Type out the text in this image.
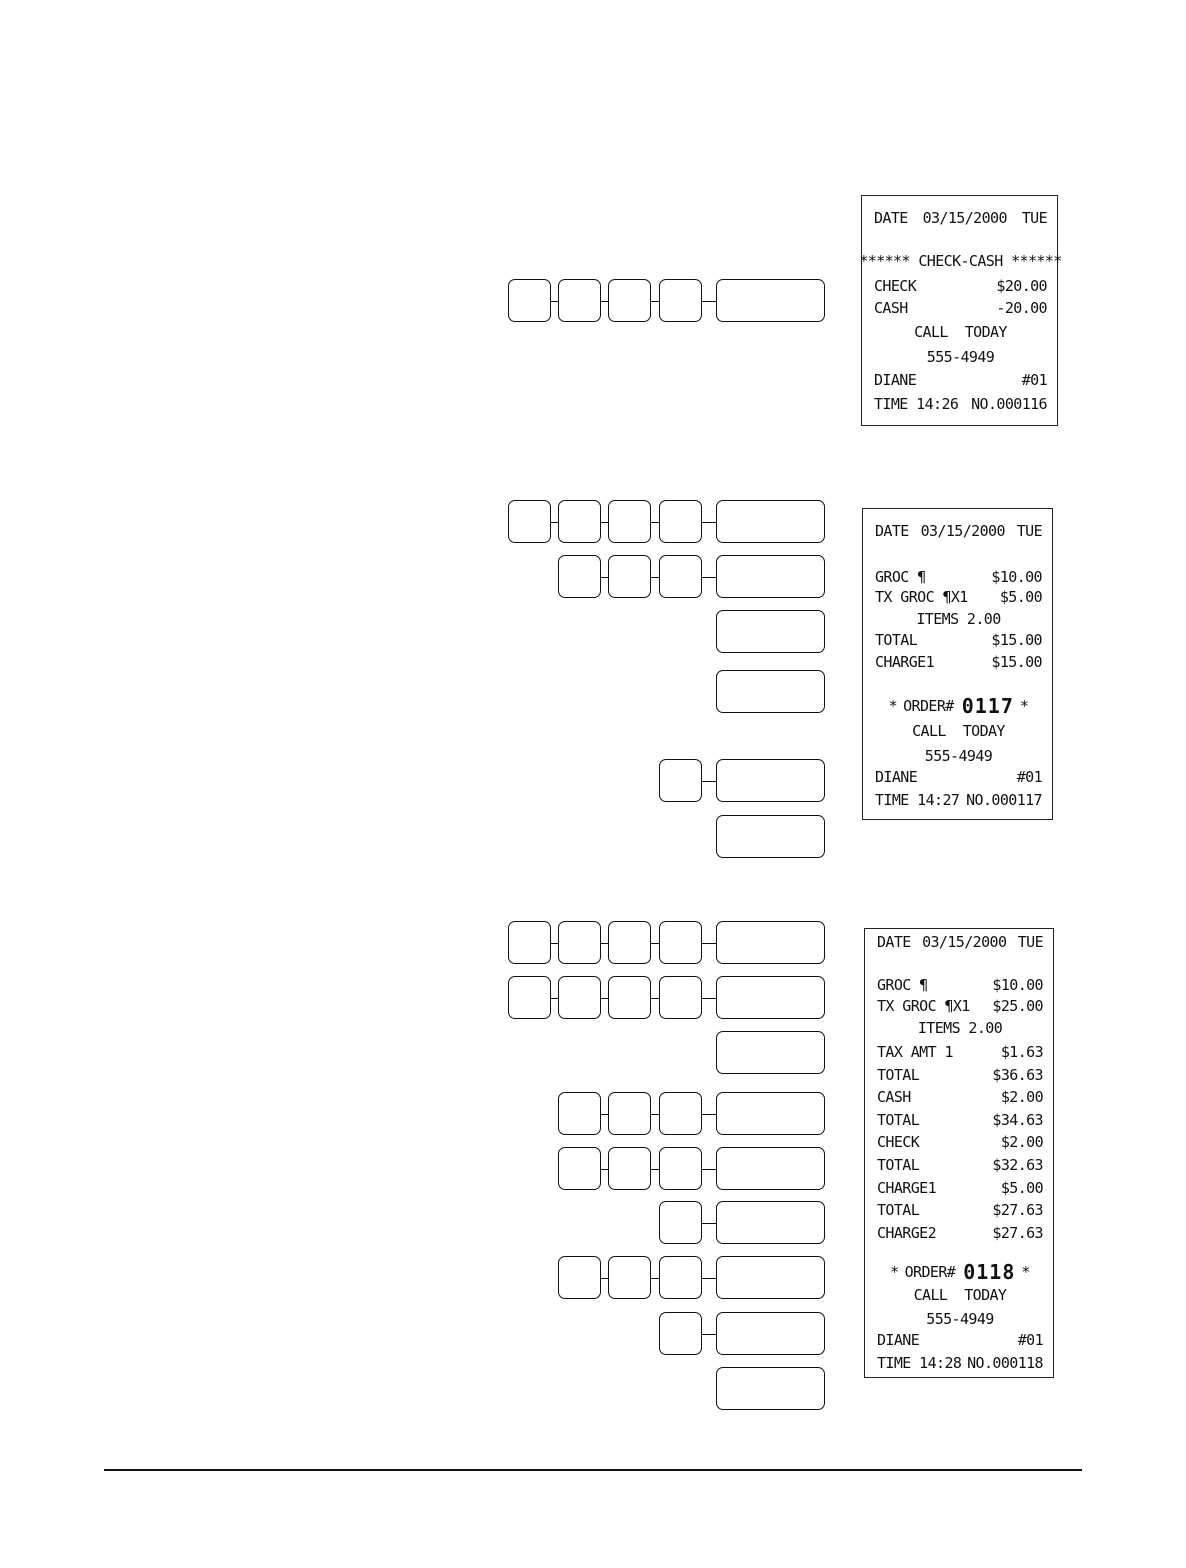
DATE 03/15/2000 TUE
****** CHECK-CASH ******
CHECK	$20.00
CASH	-20.00
CALL  TODAY
555-4949
DIANE	#01
TIME 14:26 NO.000116
DATE 03/15/2000 TUE
GROC ¶	$10.00
TX GROC ¶X1 $5.00
ITEMS 2.00
TOTAL	$15.00
CHARGE1	$15.00
* ORDER# 0117 *
CALL  TODAY
555-4949
DIANE	#01
TIME 14:27 NO.000117
DATE 03/15/2000 TUE
GROC ¶	$10.00
TX GROC ¶X1 $25.00
ITEMS 2.00
TAX AMT 1	$1.63
TOTAL	$36.63
CASH	$2.00
TOTAL	$34.63
CHECK	$2.00
TOTAL	$32.63
CHARGE1	$5.00
TOTAL	$27.63
CHARGE2	$27.63
* ORDER# 0118 *
CALL  TODAY
555-4949
DIANE	#01
TIME 14:28 NO.000118
